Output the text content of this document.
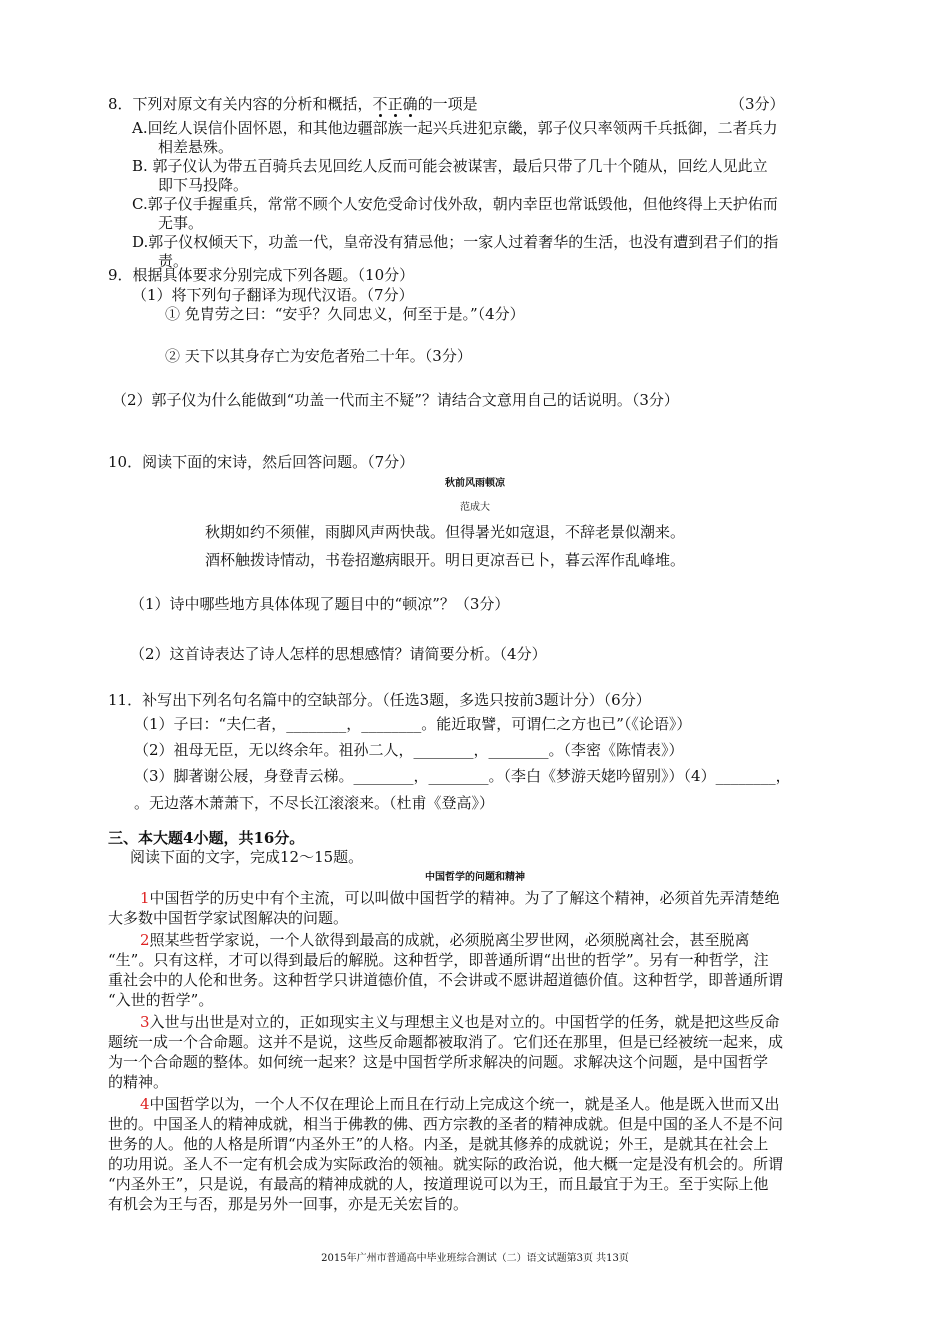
8．下列对原文有关内容的分析和概括，不正确的一项是	（3分）
A.回纥人误信仆固怀恩，和其他边疆部族一起兴兵进犯京畿，郭子仪只率领两千兵抵御，二者兵力
相差悬殊。
B. 郭子仪认为带五百骑兵去见回纥人反而可能会被谋害，最后只带了几十个随从，回纥人见此立
即下马投降。
C.郭子仪手握重兵，常常不顾个人安危受命讨伐外敌，朝内幸臣也常诋毁他，但他终得上天护佑而
无事。
D.郭子仪权倾天下，功盖一代，皇帝没有猜忌他；一家人过着奢华的生活，也没有遭到君子们的指
责。
9．根据具体要求分别完成下列各题。（10分）
（1）将下列句子翻译为现代汉语。（7分）
① 免胄劳之曰：“安乎？久同忠义，何至于是。”（4分）
② 天下以其身存亡为安危者殆二十年。（3分）
（2）郭子仪为什么能做到“功盖一代而主不疑”？请结合文意用自己的话说明。（3分）
10．阅读下面的宋诗，然后回答问题。（7分）
秋前风雨顿凉
范成大
秋期如约不须催，雨脚风声两快哉。但得暑光如寇退，不辞老景似潮来。
酒杯触拨诗情动，书卷招邀病眼开。明日更凉吾已卜，暮云浑作乱峰堆。
（1）诗中哪些地方具体体现了题目中的“顿凉”？（3分）
（2）这首诗表达了诗人怎样的思想感情？请简要分析。（4分）
11．补写出下列名句名篇中的空缺部分。（任选3题，多选只按前3题计分）（6分）
（1）子曰：“夫仁者，________，________。能近取譬，可谓仁之方也已”（《论语》）
（2）祖母无臣，无以终余年。祖孙二人，________，________。（李密《陈情表》）
（3）脚著谢公屐，身登青云梯。________，________。（李白《梦游天姥吟留别》）（4）________，
。无边落木萧萧下，不尽长江滚滚来。（杜甫《登高》）
三、本大题4小题，共16分。
阅读下面的文字，完成12～15题。
中国哲学的问题和精神
1中国哲学的历史中有个主流，可以叫做中国哲学的精神。为了了解这个精神，必须首先弄清楚绝
大多数中国哲学家试图解决的问题。
2照某些哲学家说，一个人欲得到最高的成就，必须脱离尘罗世网，必须脱离社会，甚至脱离
“生”。只有这样，才可以得到最后的解脱。这种哲学，即普通所谓“出世的哲学”。另有一种哲学，注
重社会中的人伦和世务。这种哲学只讲道德价值，不会讲或不愿讲超道德价值。这种哲学，即普通所谓
“入世的哲学”。
3入世与出世是对立的，正如现实主义与理想主义也是对立的。中国哲学的任务，就是把这些反命
题统一成一个合命题。这并不是说，这些反命题都被取消了。它们还在那里，但是已经被统一起来，成
为一个合命题的整体。如何统一起来？这是中国哲学所求解决的问题。求解决这个问题，是中国哲学
的精神。
4中国哲学以为，一个人不仅在理论上而且在行动上完成这个统一，就是圣人。他是既入世而又出
世的。中国圣人的精神成就，相当于佛教的佛、西方宗教的圣者的精神成就。但是中国的圣人不是不问
世务的人。他的人格是所谓“内圣外王”的人格。内圣，是就其修养的成就说；外王，是就其在社会上
的功用说。圣人不一定有机会成为实际政治的领袖。就实际的政治说，他大概一定是没有机会的。所谓
“内圣外王”，只是说，有最高的精神成就的人，按道理说可以为王，而且最宜于为王。至于实际上他
有机会为王与否，那是另外一回事，亦是无关宏旨的。
2015年广州市普通高中毕业班综合测试（二）语文试题第3页 共13页
